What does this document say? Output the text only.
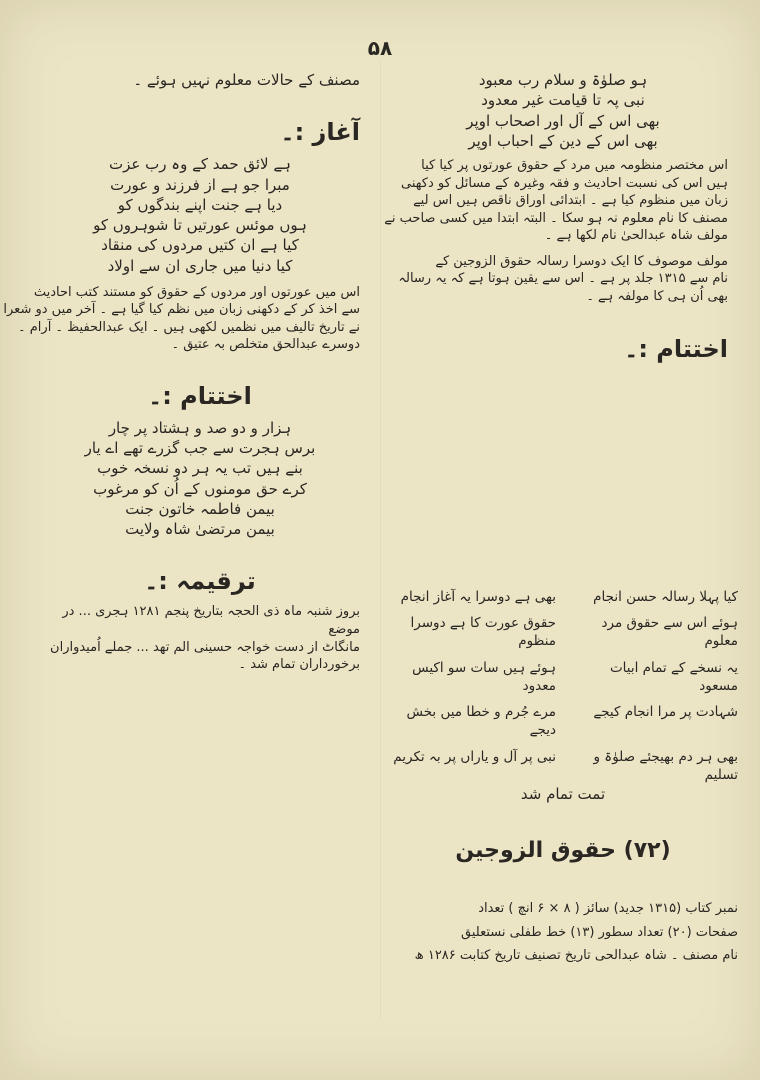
۵۸

ہو صلوٰۃ و سلام رب معبود

نبی پہ تا قیامت غیر معدود

بھی اس کے آل اور اصحاب اوپر

بھی اس کے دین کے احباب اوپر

اس مختصر منظومہ میں مرد کے حقوق عورتوں پر کیا کیا

ہیں اس کی نسبت احادیث و فقہ وغیرہ کے مسائل کو دکھنی

زبان میں منظوم کیا ہے ۔ ابتدائی اوراق ناقص ہیں اس لیے

مصنف کا نام معلوم نہ ہو سکا ۔ البتہ ابتدا میں کسی صاحب نے

مولف شاہ عبدالحیٰ نام لکھا ہے ۔

مولف موصوف کا ایک دوسرا رسالہ حقوق الزوجین کے

نام سے ۱۳۱۵ جلد پر ہے ۔ اس سے یقین ہوتا ہے کہ یہ رسالہ

بھی اُن ہی کا مولفہ ہے ۔

اختتام :۔

کیا پہلا رسالہ حسن انجام

بھی ہے دوسرا یہ آغاز انجام

ہوئے اس سے حقوق مرد معلوم

حقوق عورت کا ہے دوسرا منظوم

یہ نسخے کے تمام ابیات مسعود

ہوئے ہیں سات سو اکیس معدود

شہادت پر مرا انجام کیجے

مرے جُرم و خطا میں بخش دیجے

بھی ہر دم بھیجئے صلوٰۃ و تسلیم

نبی پر آل و یاراں پر بہ تکریم

تمت تمام شد

(۷۲) حقوق الزوجین

نمبر کتاب (۱۳۱۵ جدید) سائز ( ۸ × ۶ انچ ) تعداد

صفحات (۲۰) تعداد سطور (۱۳) خط طفلی نستعلیق

نام مصنف ۔ شاہ عبدالحی تاریخ تصنیف تاریخ کتابت ۱۲۸۶ ھ

مصنف کے حالات معلوم نہیں ہوئے ۔

آغاز :۔

ہے لائق حمد کے وہ رب عزت

مبرا جو ہے از فرزند و عورت

دیا ہے جنت اپنے بندگوں کو

ہوں موئس عورتیں تا شوہروں کو

کیا ہے ان کتیں مردوں کی منقاد

کیا دنیا میں جاری ان سے اولاد

اس میں عورتوں اور مردوں کے حقوق کو مستند کتب احادیث

سے اخذ کر کے دکھنی زبان میں نظم کیا گیا ہے ۔ آخر میں دو شعرا

نے تاریخ تالیف میں نظمیں لکھی ہیں ۔ ایک عبدالحفیظ ۔ آرام ۔

دوسرے عبدالحق متخلص بہ عتیق ۔

اختتام :۔

ہزار و دو صد و ہشتاد پر چار

برس ہجرت سے جب گزرے تھے اے یار

بنے ہیں تب یہ ہر دو نسخہ خوب

کرے حق مومنوں کے اُن کو مرغوب

بیمن فاطمہ خاتون جنت

بیمن مرتضیٰ شاہ ولایت

ترقیمہ :۔

بروز شنبہ ماہ ذی الحجہ بتاریخ پنجم ۱۲۸۱ ہجری ... در موضع

مانگاٹ از دست خواجہ حسینی الم تھد ... جملے اُمیدواران برخورداران تمام شد ۔
